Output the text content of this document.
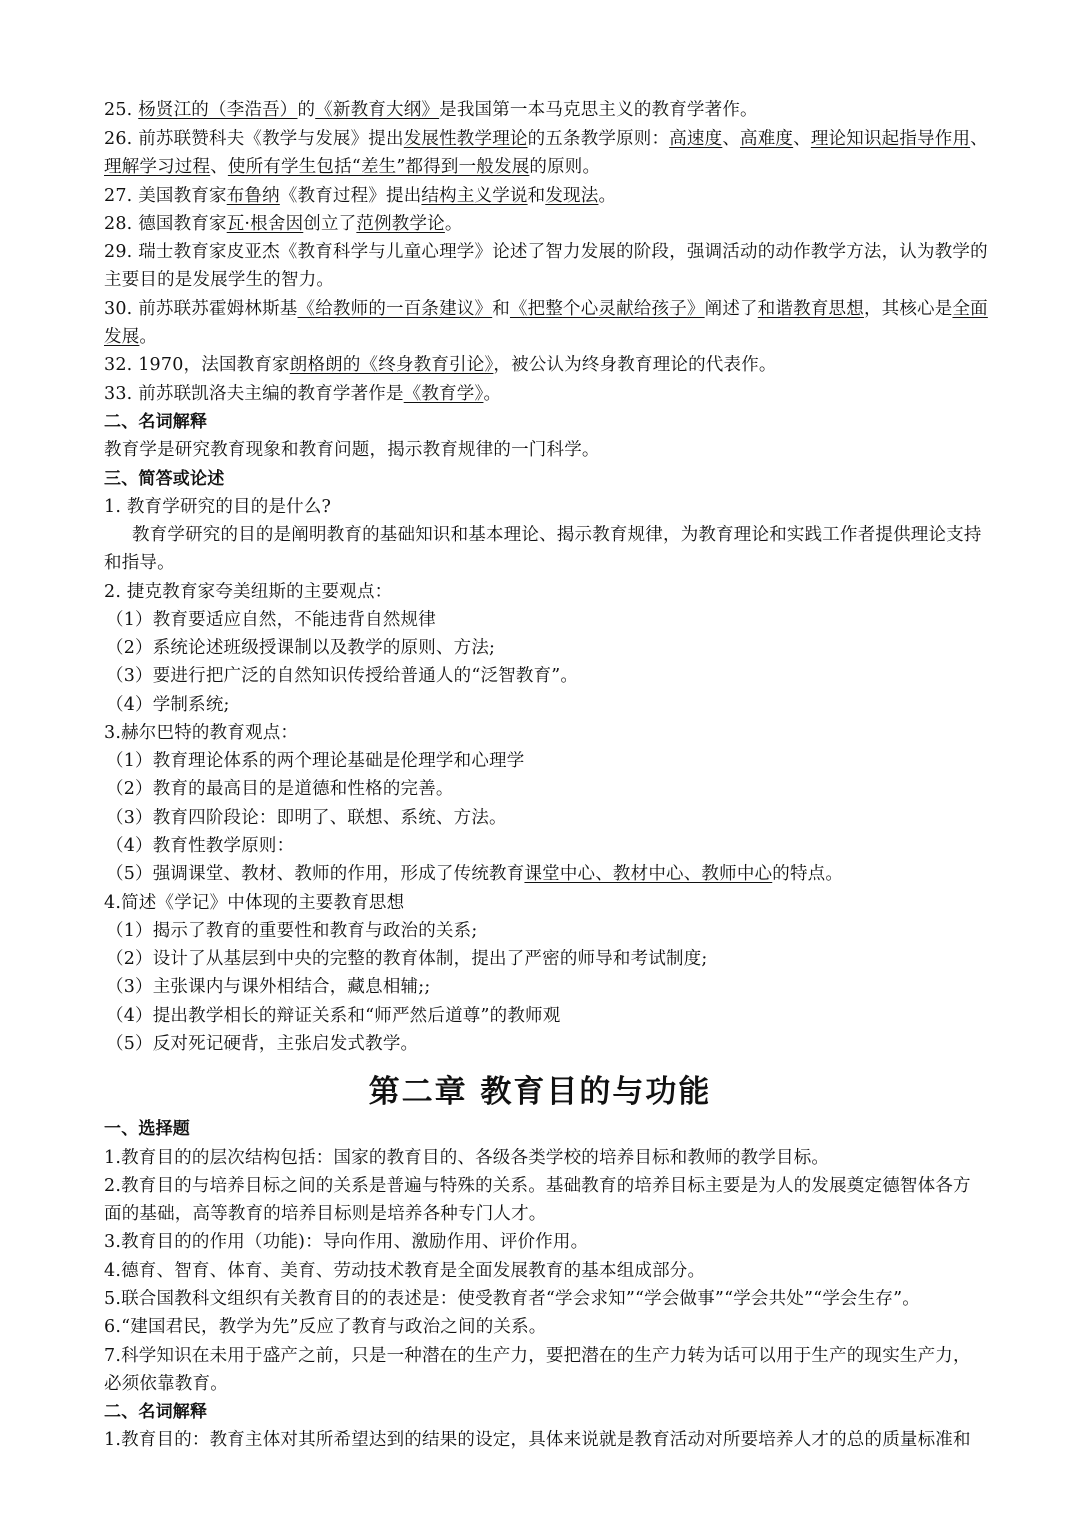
25. 杨贤江的（李浩吾）的《新教育大纲》是我国第一本马克思主义的教育学著作。
26. 前苏联赞科夫《教学与发展》提出发展性教学理论的五条教学原则：高速度、高难度、理论知识起指导作用、
理解学习过程、使所有学生包括“差生”都得到一般发展的原则。
27. 美国教育家布鲁纳《教育过程》提出结构主义学说和发现法。
28. 德国教育家瓦·根舍因创立了范例教学论。
29. 瑞士教育家皮亚杰《教育科学与儿童心理学》论述了智力发展的阶段，强调活动的动作教学方法，认为教学的
主要目的是发展学生的智力。
30. 前苏联苏霍姆林斯基《给教师的一百条建议》和《把整个心灵献给孩子》阐述了和谐教育思想，其核心是全面
发展。
32. 1970，法国教育家朗格朗的《终身教育引论》，被公认为终身教育理论的代表作。
33. 前苏联凯洛夫主编的教育学著作是《教育学》。
二、名词解释
教育学是研究教育现象和教育问题，揭示教育规律的一门科学。
三、简答或论述
1. 教育学研究的目的是什么?
教育学研究的目的是阐明教育的基础知识和基本理论、揭示教育规律，为教育理论和实践工作者提供理论支持
和指导。
2. 捷克教育家夸美纽斯的主要观点：
（1）教育要适应自然，不能违背自然规律
（2）系统论述班级授课制以及教学的原则、方法;
（3）要进行把广泛的自然知识传授给普通人的“泛智教育”。
（4）学制系统;
3.赫尔巴特的教育观点：
（1）教育理论体系的两个理论基础是伦理学和心理学
（2）教育的最高目的是道德和性格的完善。
（3）教育四阶段论：即明了、联想、系统、方法。
（4）教育性教学原则：
（5）强调课堂、教材、教师的作用，形成了传统教育课堂中心、教材中心、教师中心的特点。
4.简述《学记》中体现的主要教育思想
（1）揭示了教育的重要性和教育与政治的关系;
（2）设计了从基层到中央的完整的教育体制，提出了严密的师导和考试制度;
（3）主张课内与课外相结合，藏息相辅;;
（4）提出教学相长的辩证关系和“师严然后道尊”的教师观
（5）反对死记硬背，主张启发式教学。
第二章 教育目的与功能
一、选择题
1.教育目的的层次结构包括：国家的教育目的、各级各类学校的培养目标和教师的教学目标。
2.教育目的与培养目标之间的关系是普遍与特殊的关系。基础教育的培养目标主要是为人的发展奠定德智体各方
面的基础，高等教育的培养目标则是培养各种专门人才。
3.教育目的的作用（功能)：导向作用、激励作用、评价作用。
4.德育、智育、体育、美育、劳动技术教育是全面发展教育的基本组成部分。
5.联合国教科文组织有关教育目的的表述是：使受教育者“学会求知”“学会做事”“学会共处”“学会生存”。
6.“建国君民，教学为先”反应了教育与政治之间的关系。
7.科学知识在未用于盛产之前，只是一种潜在的生产力，要把潜在的生产力转为话可以用于生产的现实生产力，
必须依靠教育。
二、名词解释
1.教育目的：教育主体对其所希望达到的结果的设定，具体来说就是教育活动对所要培养人才的总的质量标准和
